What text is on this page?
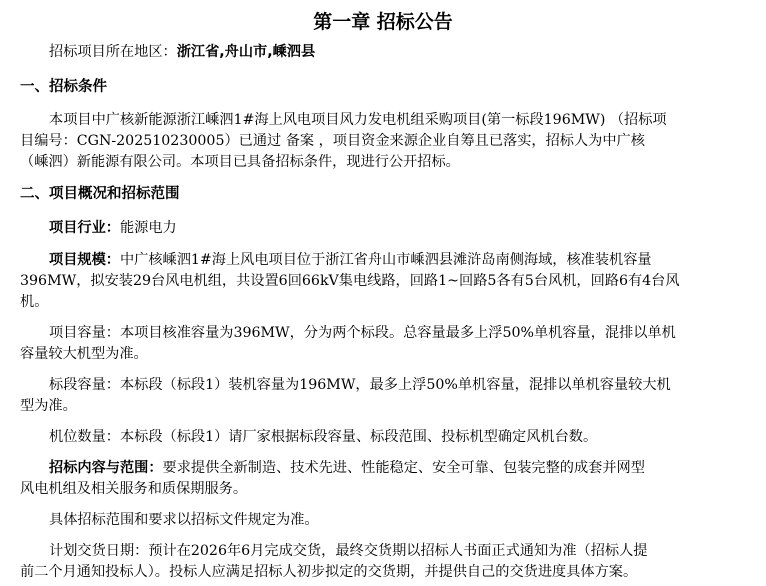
第一章 招标公告
招标项目所在地区：浙江省,舟山市,嵊泗县
一、招标条件
本项目中广核新能源浙江嵊泗1#海上风电项目风力发电机组采购项目(第一标段196MW) （招标项
目编号：CGN-202510230005）已通过 备案 ，项目资金来源企业自筹且已落实，招标人为中广核
（嵊泗）新能源有限公司。本项目已具备招标条件，现进行公开招标。
二、项目概况和招标范围
项目行业：能源电力
项目规模：中广核嵊泗1#海上风电项目位于浙江省舟山市嵊泗县滩浒岛南侧海域，核准装机容量
396MW，拟安装29台风电机组，共设置6回66kV集电线路，回路1~回路5各有5台风机，回路6有4台风
机。
项目容量：本项目核准容量为396MW，分为两个标段。总容量最多上浮50%单机容量，混排以单机
容量较大机型为准。
标段容量：本标段（标段1）装机容量为196MW，最多上浮50%单机容量，混排以单机容量较大机
型为准。
机位数量：本标段（标段1）请厂家根据标段容量、标段范围、投标机型确定风机台数。
招标内容与范围：要求提供全新制造、技术先进、性能稳定、安全可靠、包装完整的成套并网型
风电机组及相关服务和质保期服务。
具体招标范围和要求以招标文件规定为准。
计划交货日期：预计在2026年6月完成交货，最终交货期以招标人书面正式通知为准（招标人提
前二个月通知投标人）。投标人应满足招标人初步拟定的交货期，并提供自己的交货进度具体方案。
